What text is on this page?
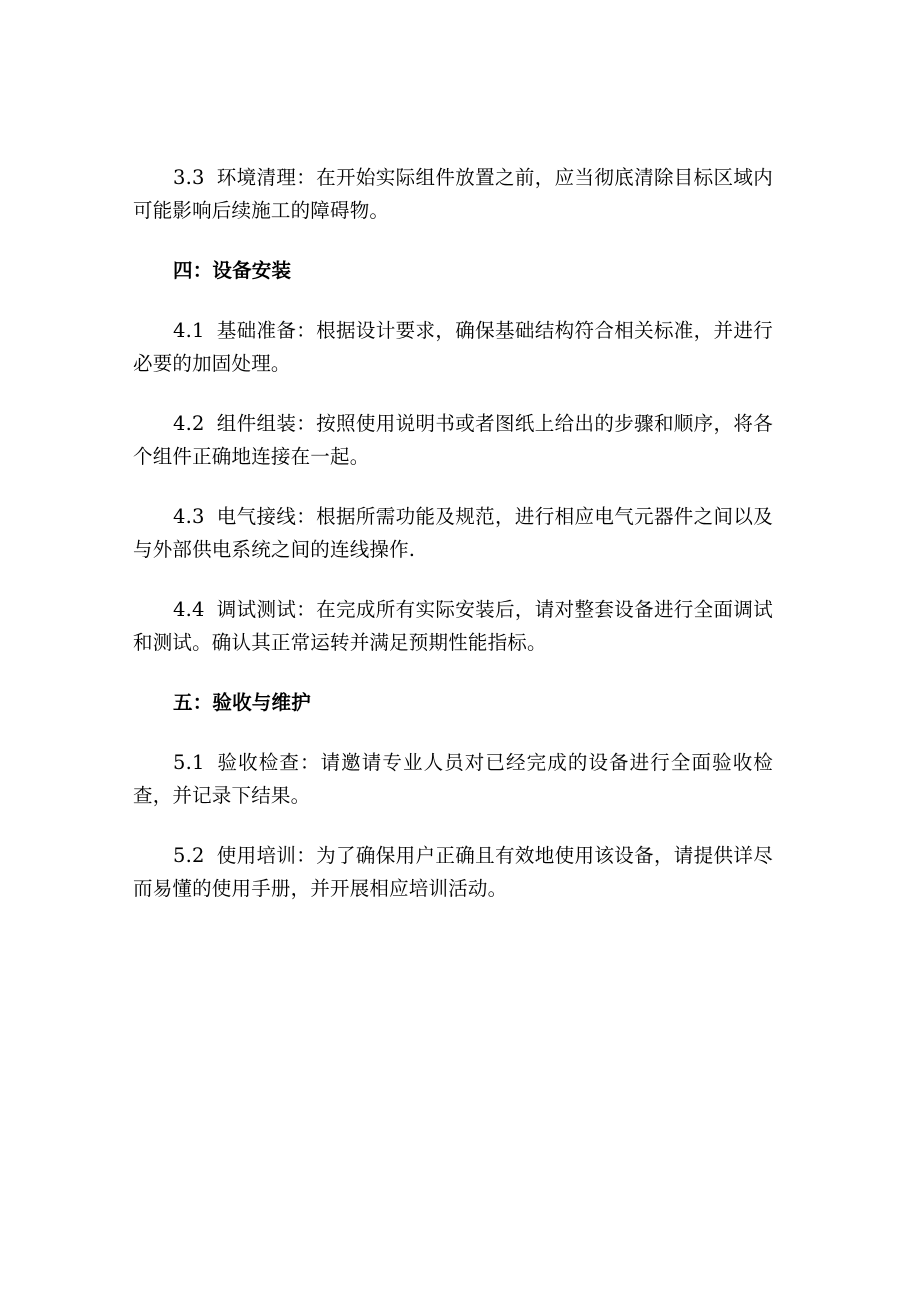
3.3 环境清理：在开始实际组件放置之前，应当彻底清除目标区域内可能影响后续施工的障碍物。

四：设备安装

4.1 基础准备：根据设计要求，确保基础结构符合相关标准，并进行必要的加固处理。

4.2 组件组装：按照使用说明书或者图纸上给出的步骤和顺序，将各个组件正确地连接在一起。

4.3 电气接线：根据所需功能及规范，进行相应电气元器件之间以及与外部供电系统之间的连线操作.

4.4 调试测试：在完成所有实际安装后，请对整套设备进行全面调试和测试。确认其正常运转并满足预期性能指标。

五：验收与维护

5.1 验收检查：请邀请专业人员对已经完成的设备进行全面验收检查，并记录下结果。

5.2 使用培训：为了确保用户正确且有效地使用该设备，请提供详尽而易懂的使用手册，并开展相应培训活动。
